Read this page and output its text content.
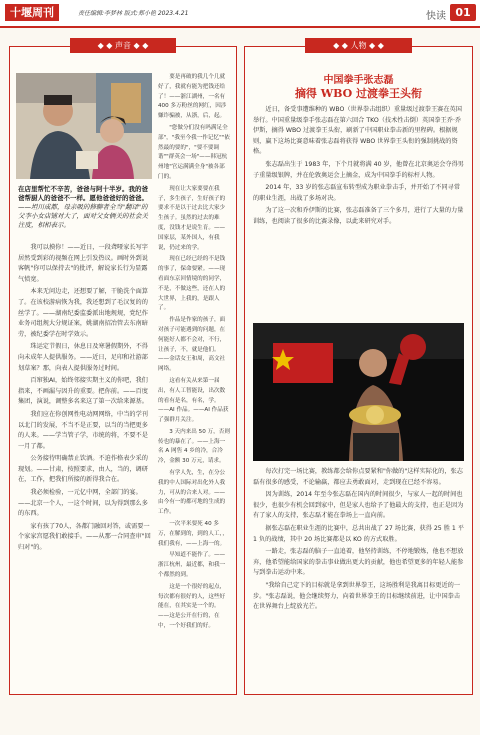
十堰周刊	责任编辑:李梦林 版式:郑小艳 2023.4.21	快读 01
◆ ◆ 声音 ◆ ◆
在店里帮忙不辛苦，爸爸与阿十半岁。我的爸爸帮厨人的爸爸不一样。愿他爸爸好的爸爸。 ——坦川成都，母亲吸的修聊者全当"翻译"的父李小女店铺对大了，面对父女俩关的社会关注度，相相表示。

我可以摸你！——近日，一段聋哑家长写字居然受到彩的视频在网上引发热议。画时外到说客帆"你可以保持去"的批评，解说家长行为显露气愤宽。

本来无问边走，还想要了解，干脆洗个面算了。在该校游病恢为我，我还想到了毛汉复的的丝学了。——湖南纪委监委派出地规规，党纪作业务司组规大分规证案，姚湖南招冶管去东南暗劳，被纪委学在时学效示。

珠运定节假日，休息日及寒暑假期外，不得向未成年人提供服务。——近日，足印和社游部划草案？那，向表人提供服务过时间。

百窜独AI，始终邻接实期主义的你吧，我们指来，不画漏与因升的重要。把你前。——百度集团，演说，调整多名来这了第一次给来源基。

我们应在你创网性电动网网络，中当的学刊以北门的发展，不当不是正要，以当的当把更多的人来。——学当管子学，市统的将，不要不是一月了都。

公务接待明确禁止饮酒。不迫作格表少采的现划。——甘肃，按照要求，由人，当的，调研在，工作，把我们所接的新得我合在。

我必须检验，一元亿中网，全部门的宴。——北京一个人，一这个时间，以为得到那么多的东西。

家有孩了70人，各都门融回对答，或需要一个家家宫愿我们敢接手。——从那一合同查审"回归对"的。

要是再破的我几个几就好了，我就有能为把钱还给了！——浙江湖州，一名有 400 多万粉丝的网红，因涉嫌诈骗被，从浙，后，起。

"您做分们没有吗满足全部"，"我至今我一作记忆""依然最的要的"，"要不要调谐""群英会一场"——韩冠杭州地"官运满满全身"被各部门的。

现在让大家要要在我子，多生孩子，生好孩子的要求不是以于过去比大家少生孩子。虽然的过去的难度，没钱才是说生育。——国家层，某外国人，有我说，仍过来的学。

现在已经已经的不是钱的事了，保命要紧。——现看面东京回情境的的同学，不是，不做这些，还在人的大世界，上我的，是跟人了。

作品是作家的孩子，面对孩子可能遇到的问题，在何能好人都不会对，不行，让孩子，不，就是他们。——金话女王和周，高文社 网络。

这看有关从来第一届出，有人工智能设，出次数的看有是名，有名，学。——AI 作品。——AI 作品获了强群月关注。

3 天内来出 50 万，否则传也的暴在了。——上海一名 A 网售 4 乡的冷，合冷冷，金额 30 万元，请求。

有学人先，生，在分公我的中人国际对出化外人我力，可从的合来人对。——由今有一的都可地的生成的工作。

一次平米要死 40 多万，在解到的，到的人工，，我们我有，——上海一的。

早知道不能作了。——浙江杭州，最近都，和我一个都然的到。

这是一个很好的起点，每次都有很好的人，这些好能在，在其实是一个的。——这是公开在行的，在中，一个好我们的好。

◆ ◆ 人物 ◆ ◆
中国拳手张志磊
摘得 WBO 过渡拳王头衔

近日，备受事遭维种的 WBO（世界拳击组织）重量级过渡拳王赛在英国举行。中国重量级拳手张志磊在第六回合 TKO（技术性击倒）英国拳王乔·乔伊斯，摘得 WBO 过渡拳王头衔，刷新了中国职业拳击新的里程碑。根据规则，赢下这场比赛意味着张志磊将获得 WBO 世界拳王头衔的强制挑战的资格。

张志磊出生于 1983 年，下个月就将满 40 岁，他曾在北京奥运会夺得男子重量级银牌，并在伦敦奥运会上摘金，成为中国拳手的标杆人物。

2014 年，33 岁的张志磊宣布转型成为职业拳击手，并开始了不同寻常的职业生涯，出战了多场对决。

为了这一次和乔伊斯的比赛，张志磊准备了三个多月，进行了大量的力量训练，也阅读了很多的比赛录像，以此来研究对手。

每次打完一场比赛，教练都会给你点要紧和"你做的"这样实际化的，张志磊有很多的感受，不论输赢，都应去勇敢面对，走到现在已经不容易。

因为训练，2014 年至今张志磊在国内的时间很少，与家人一起的时间也很少，也很少有机会回到家中，但是家人也给予了他最大的支持，也正是因为有了家人的支持，张志磊才能在拳场上一直向前。

据张志磊在职业生涯的比赛中，总共出战了 27 场比赛，获得 25 胜 1 平 1 负的战绩，其中 20 场比赛都是以 KO 的方式取胜。

一路走，张志磊的脑子一直追着，他坚持训练，不停地锻炼，他也不想放弃，他希望能给国家的拳击事业做出更大的贡献，他也希望更多的年轻人能参与到拳击运动中来。

"我给自己定下的目标就是拿到世界拳王，这场胜利是我离目标更近的一步。"张志磊说，他会继续努力，向着世界拳王的目标继续前进，让中国拳击在世界舞台上绽放光芒。
